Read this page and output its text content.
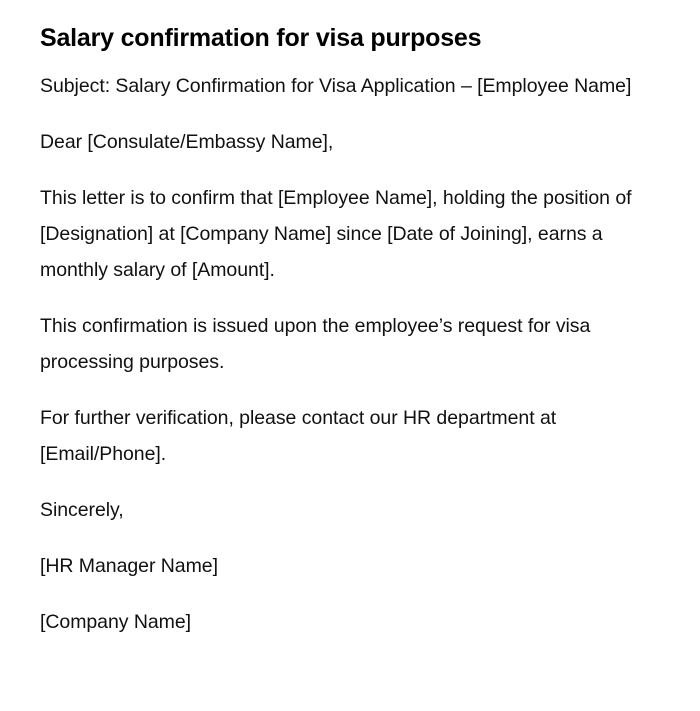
Salary confirmation for visa purposes

Subject: Salary Confirmation for Visa Application – [Employee Name]

Dear [Consulate/Embassy Name],

This letter is to confirm that [Employee Name], holding the position of [Designation] at [Company Name] since [Date of Joining], earns a monthly salary of [Amount].

This confirmation is issued upon the employee’s request for visa processing purposes.

For further verification, please contact our HR department at [Email/Phone].

Sincerely,

[HR Manager Name]

[Company Name]
